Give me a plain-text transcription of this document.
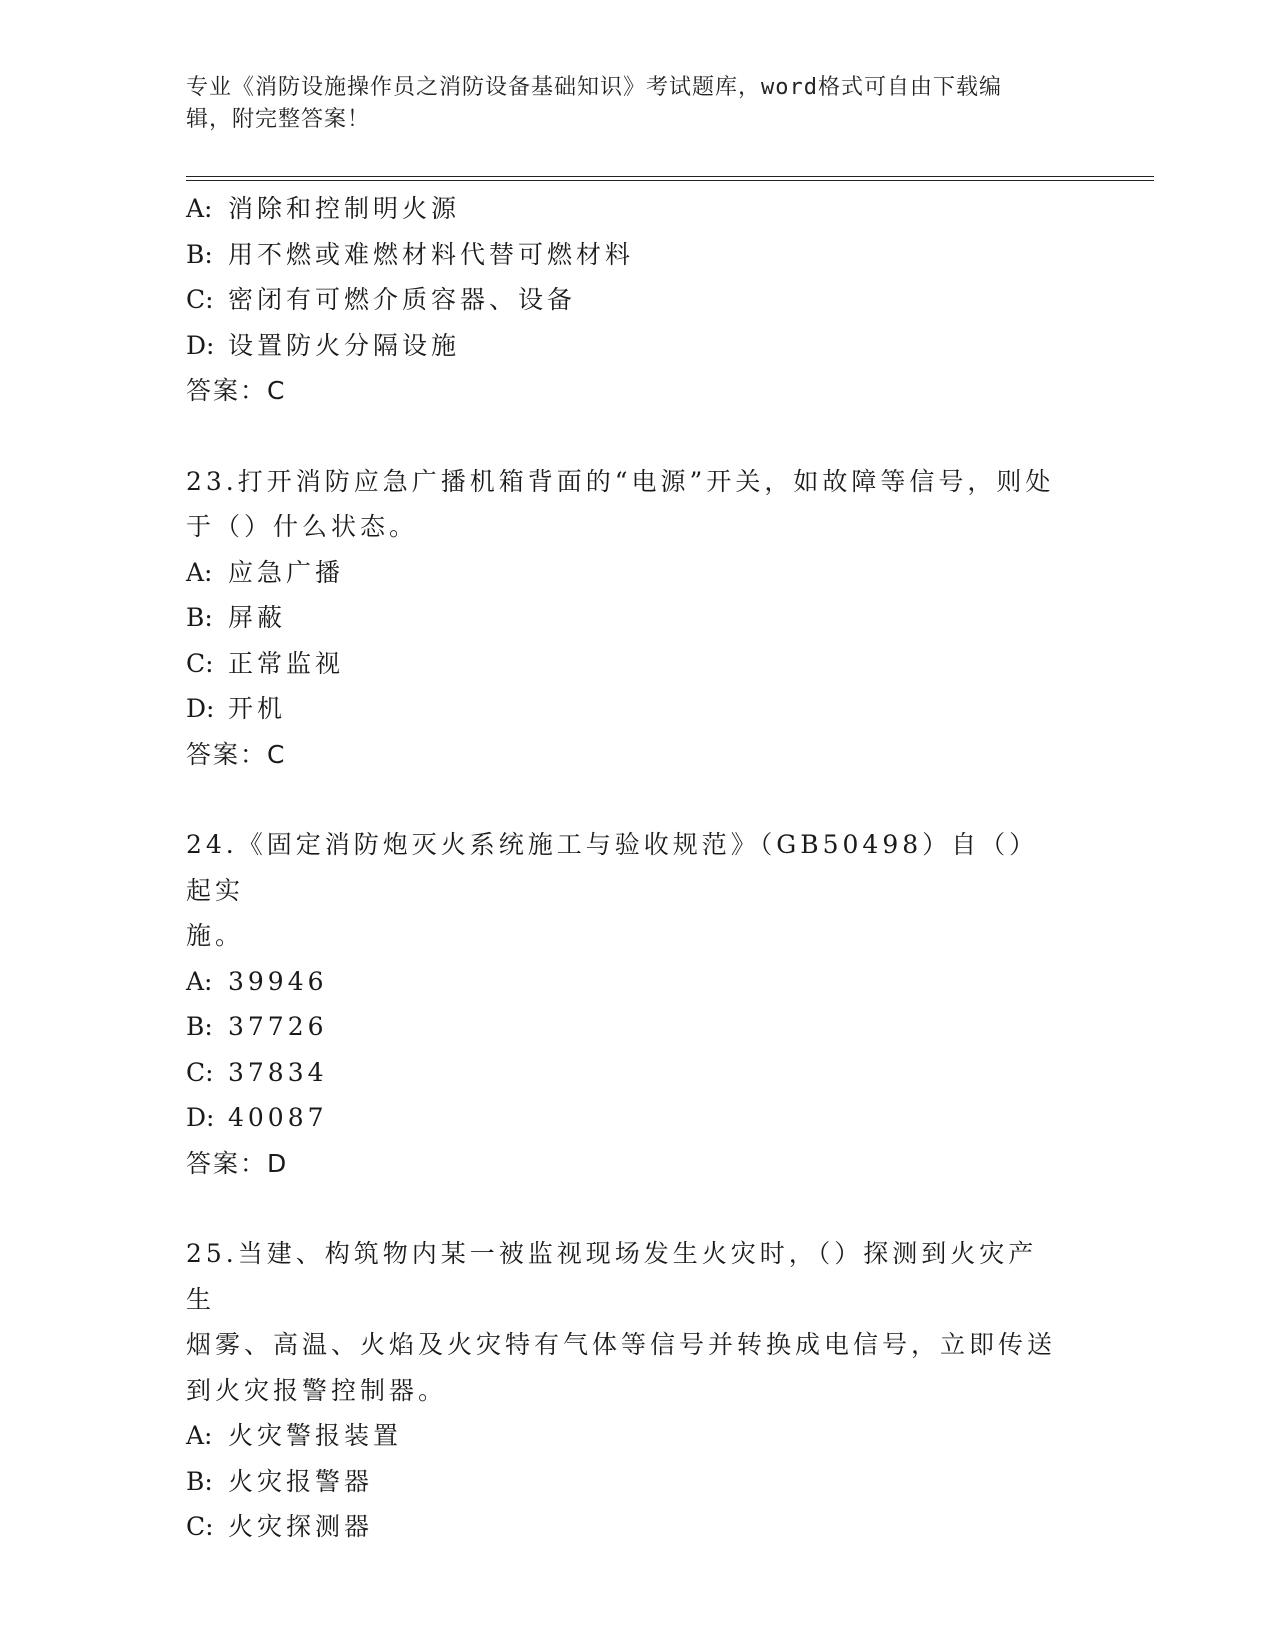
专业《消防设施操作员之消防设备基础知识》考试题库，word格式可自由下载编
辑，附完整答案！
A: 消除和控制明火源
B: 用不燃或难燃材料代替可燃材料
C: 密闭有可燃介质容器、设备
D: 设置防火分隔设施
答案：C
23.打开消防应急广播机箱背面的“电源”开关，如故障等信号，则处
于（）什么状态。
A: 应急广播
B: 屏蔽
C: 正常监视
D: 开机
答案：C
24.《固定消防炮灭火系统施工与验收规范》（GB50498）自（）起实
施。
A: 39946
B: 37726
C: 37834
D: 40087
答案：D
25.当建、构筑物内某一被监视现场发生火灾时，（）探测到火灾产生
烟雾、高温、火焰及火灾特有气体等信号并转换成电信号，立即传送
到火灾报警控制器。
A: 火灾警报装置
B: 火灾报警器
C: 火灾探测器
